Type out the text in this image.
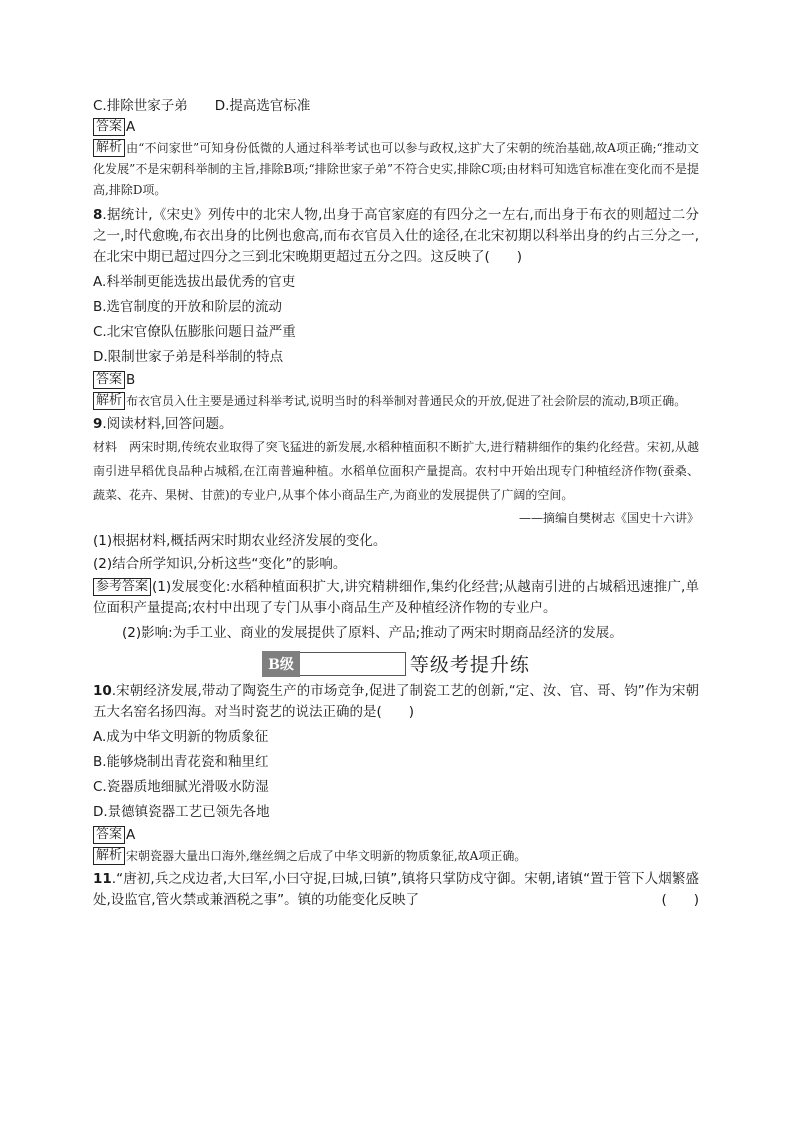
C.排除世家子弟　　D.提高选官标准
答案 A
解析 由“不问家世”可知身份低微的人通过科举考试也可以参与政权,这扩大了宋朝的统治基础,故A项正确;“推动文化发展”不是宋朝科举制的主旨,排除B项;“排除世家子弟”不符合史实,排除C项;由材料可知选官标准在变化而不是提高,排除D项。
8.据统计,《宋史》列传中的北宋人物,出身于高官家庭的有四分之一左右,而出身于布衣的则超过二分之一,时代愈晚,布衣出身的比例也愈高,而布衣官员入仕的途径,在北宋初期以科举出身的约占三分之一,在北宋中期已超过四分之三到北宋晚期更超过五分之四。这反映了(　　)
A.科举制更能选拔出最优秀的官吏
B.选官制度的开放和阶层的流动
C.北宋官僚队伍膨胀问题日益严重
D.限制世家子弟是科举制的特点
答案 B
解析 布衣官员入仕主要是通过科举考试,说明当时的科举制对普通民众的开放,促进了社会阶层的流动,B项正确。
9.阅读材料,回答问题。
材料　两宋时期,传统农业取得了突飞猛进的新发展,水稻种植面积不断扩大,进行精耕细作的集约化经营。宋初,从越南引进早稻优良品种占城稻,在江南普遍种植。水稻单位面积产量提高。农村中开始出现专门种植经济作物(蚕桑、蔬菜、花卉、果树、甘蔗)的专业户,从事个体小商品生产,为商业的发展提供了广阔的空间。
——摘编自樊树志《国史十六讲》
(1)根据材料,概括两宋时期农业经济发展的变化。
(2)结合所学知识,分析这些“变化”的影响。
参考答案 (1)发展变化:水稻种植面积扩大,讲究精耕细作,集约化经营;从越南引进的占城稻迅速推广,单位面积产量提高;农村中出现了专门从事小商品生产及种植经济作物的专业户。
(2)影响:为手工业、商业的发展提供了原料、产品;推动了两宋时期商品经济的发展。
B级	等级考提升练
10.宋朝经济发展,带动了陶瓷生产的市场竞争,促进了制瓷工艺的创新,“定、汝、官、哥、钧”作为宋朝五大名窑名扬四海。对当时瓷艺的说法正确的是(　　)
A.成为中华文明新的物质象征
B.能够烧制出青花瓷和釉里红
C.瓷器质地细腻光滑吸水防湿
D.景德镇瓷器工艺已领先各地
答案 A
解析 宋朝瓷器大量出口海外,继丝绸之后成了中华文明新的物质象征,故A项正确。
11.“唐初,兵之戍边者,大曰军,小曰守捉,曰城,曰镇”,镇将只掌防戍守御。宋朝,诸镇“置于管下人烟繁盛处,设监官,管火禁或兼酒税之事”。镇的功能变化反映了	(　　)
